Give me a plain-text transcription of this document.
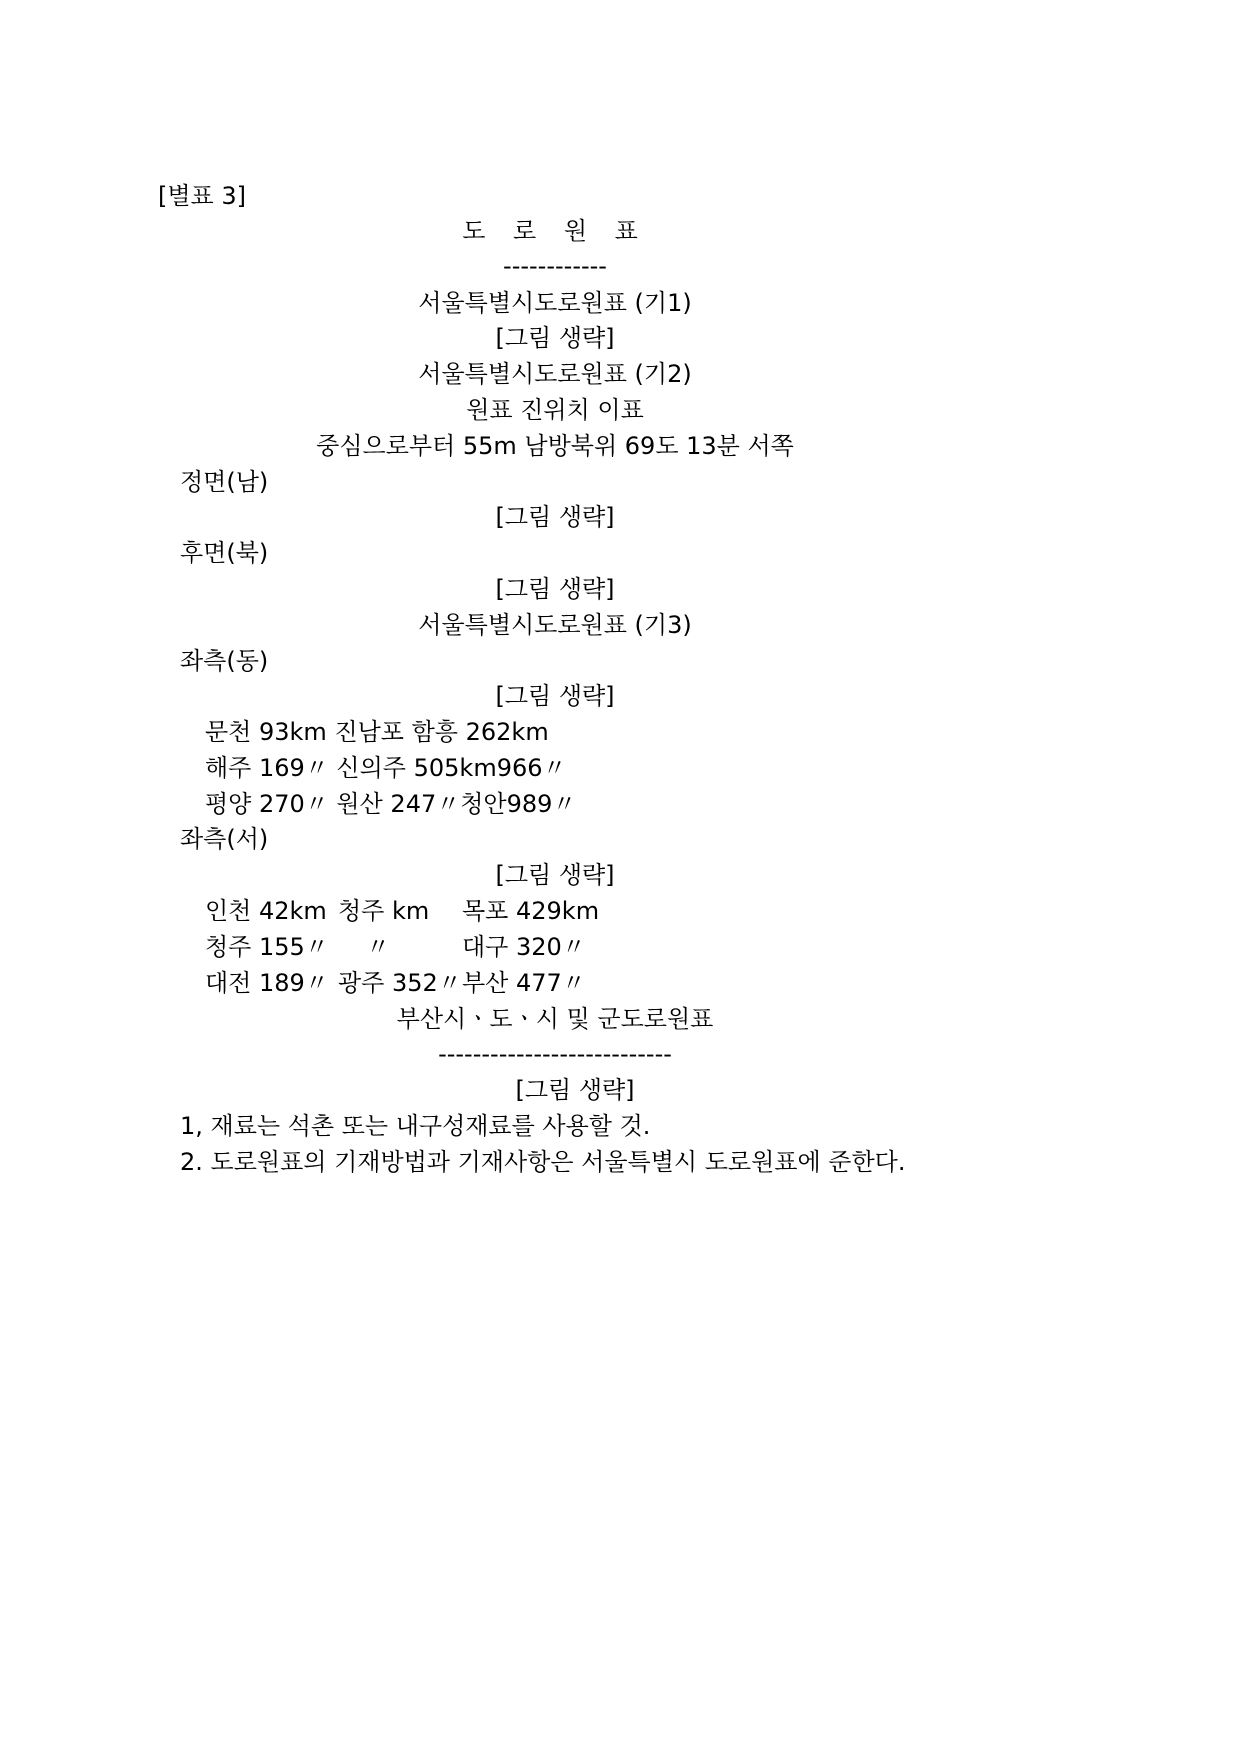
[별표 3]
도 로 원 표
------------
서울특별시도로원표 (기1)
[그림 생략]
서울특별시도로원표 (기2)
원표 진위치 이표
중심으로부터 55m 남방북위 69도 13분 서쪽
정면(남)
[그림 생략]
후면(북)
[그림 생략]
서울특별시도로원표 (기3)
좌측(동)
[그림 생략]
문천 93km 진남포 함흥 262km
해주 169〃 신의주 505km966〃
평양 270〃 원산 247〃청안989〃
좌측(서)
[그림 생략]
인천 42km 청주 km 목포 429km
청주 155〃 〃	대구 320〃
대전 189〃 광주 352〃 부산 477〃
부산시ㆍ도ㆍ시 및 군도로원표
---------------------------
[그림 생략]
1, 재료는 석촌 또는 내구성재료를 사용할 것.
2. 도로원표의 기재방법과 기재사항은 서울특별시 도로원표에 준한다.
